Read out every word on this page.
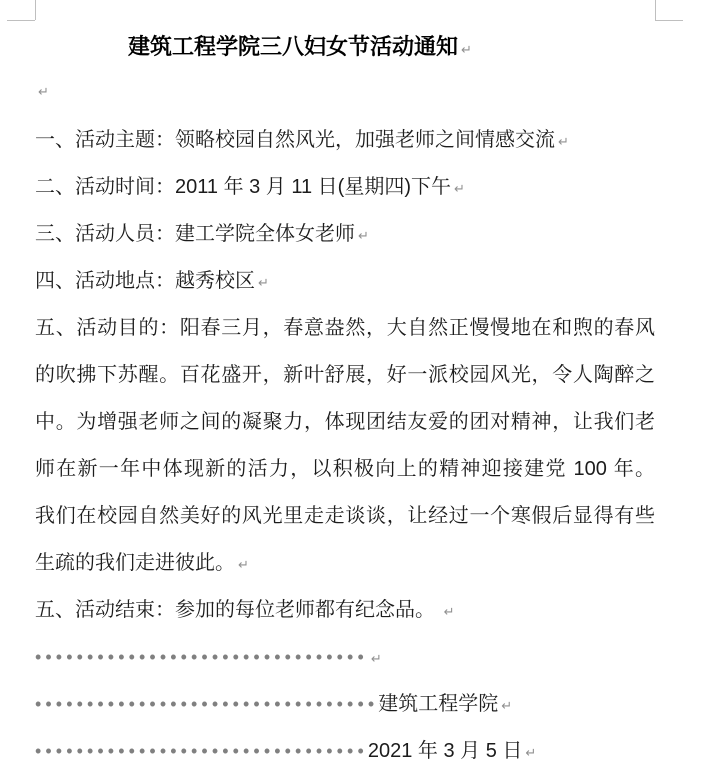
建筑工程学院三八妇女节活动通知 ↵
↵
一、活动主题：领略校园自然风光，加强老师之间情感交流 ↵
二、活动时间：2011 年 3 月 11 日(星期四)下午 ↵
三、活动人员：建工学院全体女老师 ↵
四、活动地点：越秀校区 ↵
五、活动目的：阳春三月，春意盎然，大自然正慢慢地在和煦的春风
的吹拂下苏醒。百花盛开，新叶舒展，好一派校园风光，令人陶醉之
中。为增强老师之间的凝聚力，体现团结友爱的团对精神，让我们老
师在新一年中体现新的活力，以积极向上的精神迎接建党 100 年。
我们在校园自然美好的风光里走走谈谈，让经过一个寒假后显得有些
生疏的我们走进彼此。 ↵
五、活动结束：参加的每位老师都有纪念品。 ↵
•••••••••••••••••••••••••••••••• ↵
•••••••••••••••••••••••••••••••••建筑工程学院 ↵
••••••••••••••••••••••••••••••••2021 年 3 月 5 日 ↵
